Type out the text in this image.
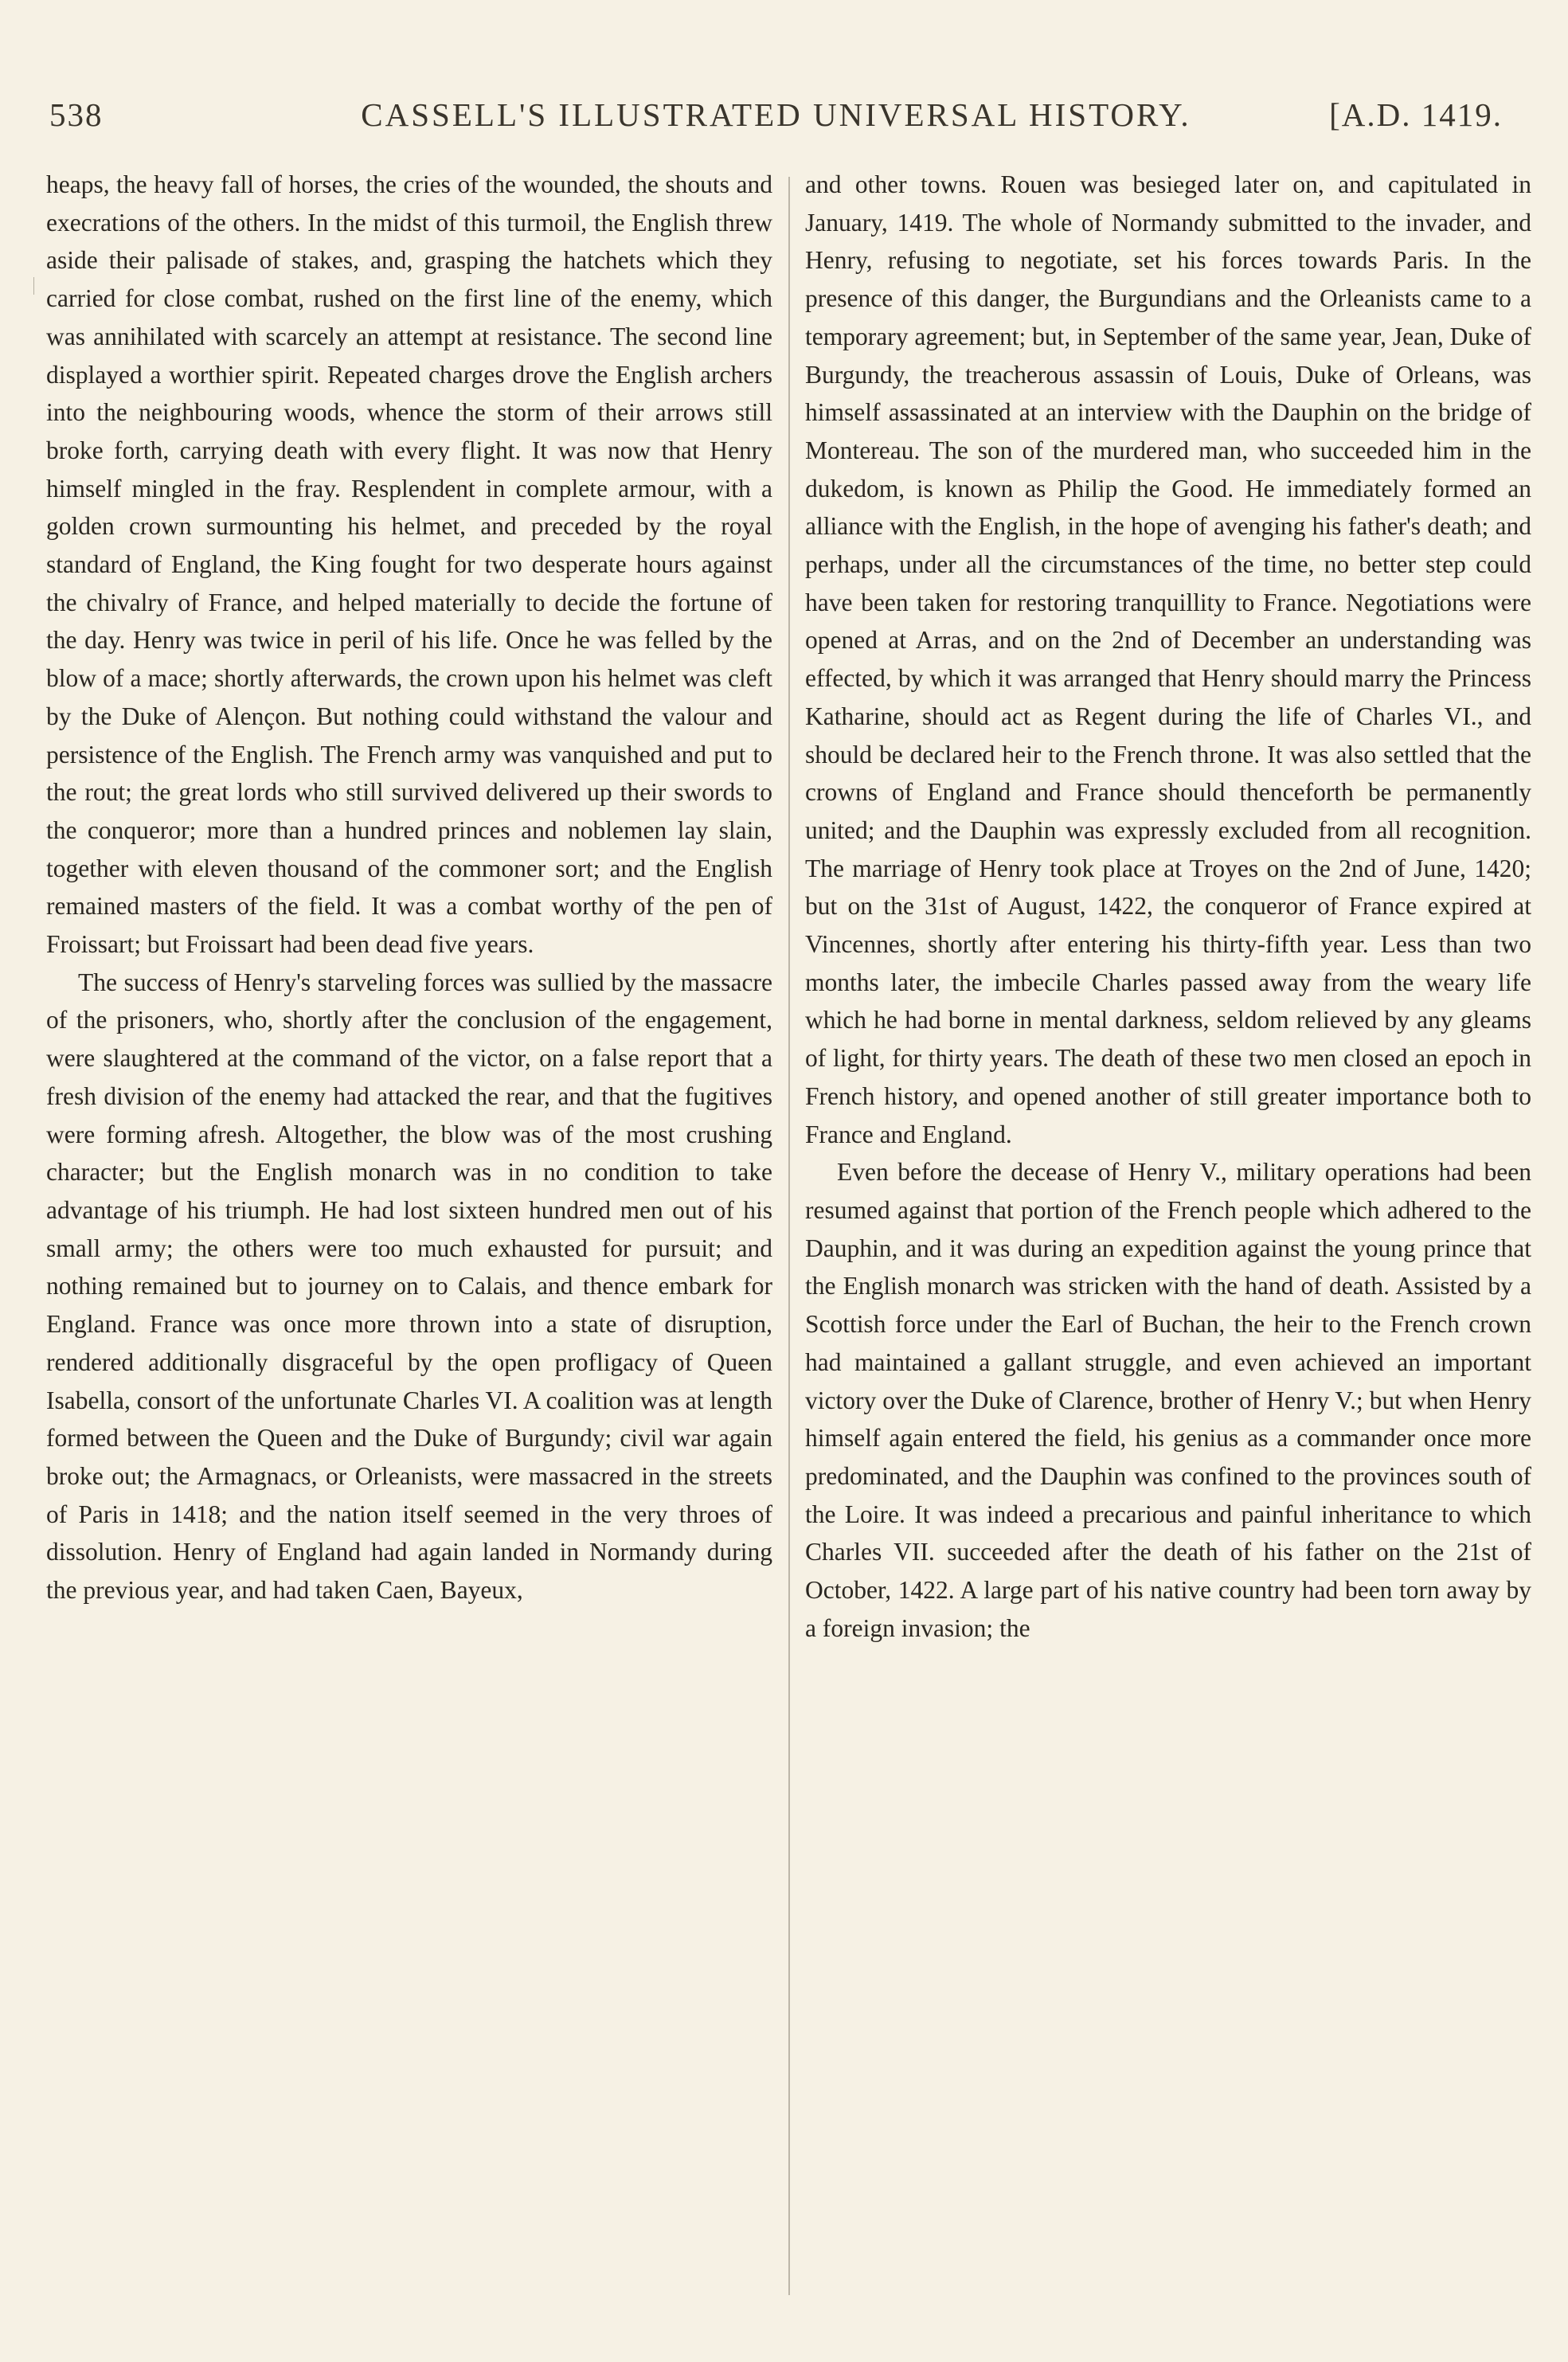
538	CASSELL'S ILLUSTRATED UNIVERSAL HISTORY.	[A.D. 1419.

heaps, the heavy fall of horses, the cries of the wounded, the shouts and execrations of the others. In the midst of this turmoil, the English threw aside their palisade of stakes, and, grasping the hatchets which they carried for close combat, rushed on the first line of the enemy, which was annihilated with scarcely an attempt at resistance. The second line displayed a worthier spirit. Repeated charges drove the English archers into the neighbouring woods, whence the storm of their arrows still broke forth, carrying death with every flight. It was now that Henry himself mingled in the fray. Resplendent in complete armour, with a golden crown surmounting his helmet, and preceded by the royal standard of England, the King fought for two desperate hours against the chivalry of France, and helped materially to decide the fortune of the day. Henry was twice in peril of his life. Once he was felled by the blow of a mace; shortly afterwards, the crown upon his helmet was cleft by the Duke of Alençon. But nothing could withstand the valour and persistence of the English. The French army was vanquished and put to the rout; the great lords who still survived delivered up their swords to the conqueror; more than a hundred princes and noblemen lay slain, together with eleven thousand of the commoner sort; and the English remained masters of the field. It was a combat worthy of the pen of Froissart; but Froissart had been dead five years.

The success of Henry's starveling forces was sullied by the massacre of the prisoners, who, shortly after the conclusion of the engagement, were slaughtered at the command of the victor, on a false report that a fresh division of the enemy had attacked the rear, and that the fugitives were forming afresh. Altogether, the blow was of the most crushing character; but the English monarch was in no condition to take advantage of his triumph. He had lost sixteen hundred men out of his small army; the others were too much exhausted for pursuit; and nothing remained but to journey on to Calais, and thence embark for England. France was once more thrown into a state of disruption, rendered additionally disgraceful by the open profligacy of Queen Isabella, consort of the unfortunate Charles VI. A coalition was at length formed between the Queen and the Duke of Burgundy; civil war again broke out; the Armagnacs, or Orleanists, were massacred in the streets of Paris in 1418; and the nation itself seemed in the very throes of dissolution. Henry of England had again landed in Normandy during the previous year, and had taken Caen, Bayeux,

and other towns. Rouen was besieged later on, and capitulated in January, 1419. The whole of Normandy submitted to the invader, and Henry, refusing to negotiate, set his forces towards Paris. In the presence of this danger, the Burgundians and the Orleanists came to a temporary agreement; but, in September of the same year, Jean, Duke of Burgundy, the treacherous assassin of Louis, Duke of Orleans, was himself assassinated at an interview with the Dauphin on the bridge of Montereau. The son of the murdered man, who succeeded him in the dukedom, is known as Philip the Good. He immediately formed an alliance with the English, in the hope of avenging his father's death; and perhaps, under all the circumstances of the time, no better step could have been taken for restoring tranquillity to France. Negotiations were opened at Arras, and on the 2nd of December an understanding was effected, by which it was arranged that Henry should marry the Princess Katharine, should act as Regent during the life of Charles VI., and should be declared heir to the French throne. It was also settled that the crowns of England and France should thenceforth be permanently united; and the Dauphin was expressly excluded from all recognition. The marriage of Henry took place at Troyes on the 2nd of June, 1420; but on the 31st of August, 1422, the conqueror of France expired at Vincennes, shortly after entering his thirty-fifth year. Less than two months later, the imbecile Charles passed away from the weary life which he had borne in mental darkness, seldom relieved by any gleams of light, for thirty years. The death of these two men closed an epoch in French history, and opened another of still greater importance both to France and England.

Even before the decease of Henry V., military operations had been resumed against that portion of the French people which adhered to the Dauphin, and it was during an expedition against the young prince that the English monarch was stricken with the hand of death. Assisted by a Scottish force under the Earl of Buchan, the heir to the French crown had maintained a gallant struggle, and even achieved an important victory over the Duke of Clarence, brother of Henry V.; but when Henry himself again entered the field, his genius as a commander once more predominated, and the Dauphin was confined to the provinces south of the Loire. It was indeed a precarious and painful inheritance to which Charles VII. succeeded after the death of his father on the 21st of October, 1422. A large part of his native country had been torn away by a foreign invasion; the
